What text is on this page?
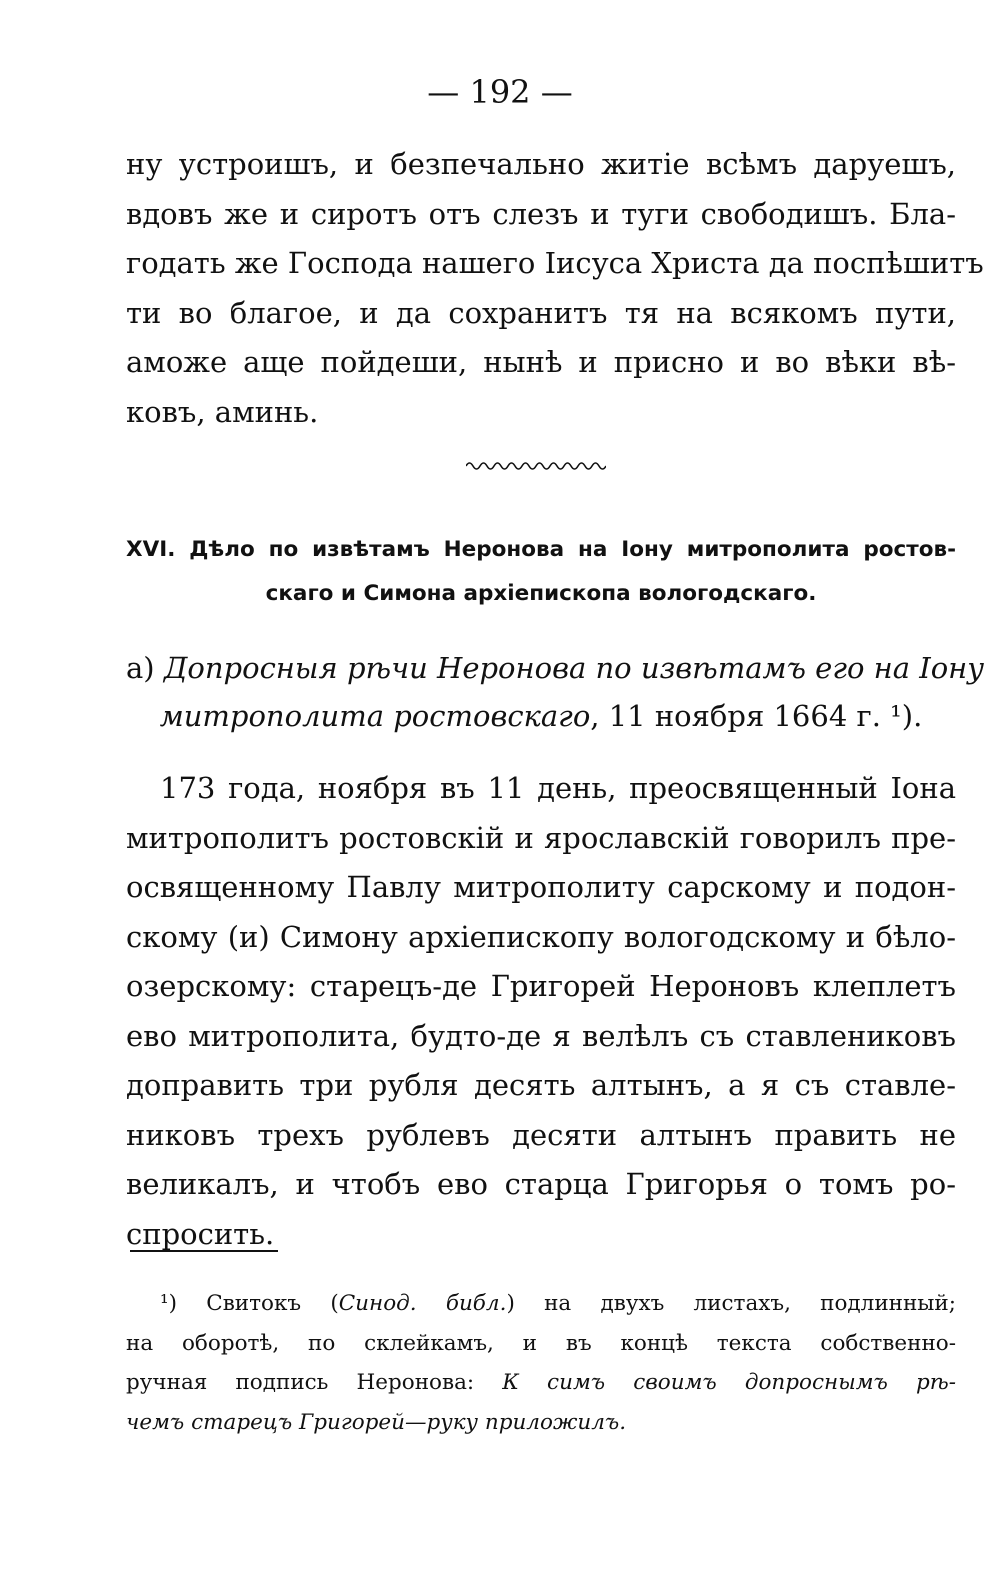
— 192 —
ну устроишъ, и безпечально житіе всѣмъ даруешъ,
вдовъ же и сиротъ отъ слезъ и туги свободишъ. Бла-
годать же Господа нашего Іисуса Христа да поспѣшитъ
ти во благое, и да сохранитъ тя на всякомъ пути,
аможе аще пойдеши, нынѣ и присно и во вѣки вѣ-
ковъ, аминь.
XVI. Дѣло по извѣтамъ Неронова на Іону митрополита ростов-
скаго и Симона архіепископа вологодскаго.
а) Допросныя рѣчи Неронова по извѣтамъ его на Іону
митрополита ростовскаго, 11 ноября 1664 г. ¹).
173 года, ноября въ 11 день, преосвященный Іона
митрополитъ ростовскій и ярославскій говорилъ пре-
освященному Павлу митрополиту сарскому и подон-
скому (и) Симону архіепископу вологодскому и бѣло-
озерскому: старецъ-де Григорей Нероновъ клеплетъ
ево митрополита, будто-де я велѣлъ съ ставлениковъ
доправить три рубля десять алтынъ, а я съ ставле-
никовъ трехъ рублевъ десяти алтынъ править не
великалъ, и чтобъ ево старца Григорья о томъ ро-
спросить.
¹) Свитокъ (Синод. библ.) на двухъ листахъ, подлинный;
на оборотѣ, по склейкамъ, и въ концѣ текста собственно-
ручная подпись Неронова: К симъ своимъ допроснымъ рѣ-
чемъ старецъ Григорей—руку приложилъ.
